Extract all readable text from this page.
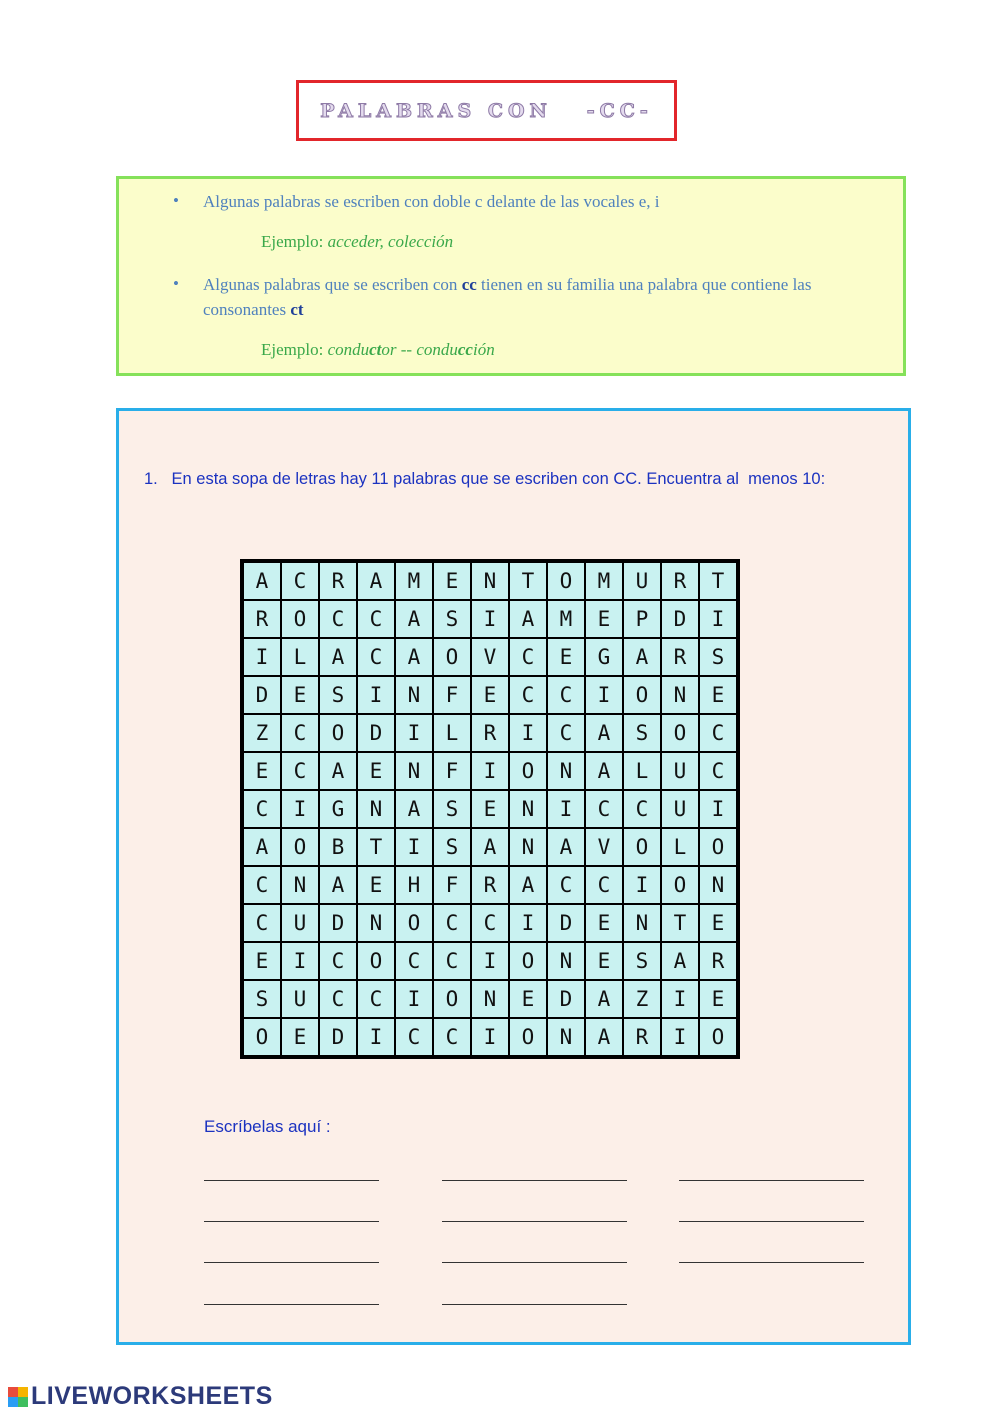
PALABRAS CON   -CC-
• Algunas palabras se escriben con doble c delante de las vocales e, i
Ejemplo: acceder, colección
• Algunas palabras que se escriben con cc tienen en su familia una palabra que contiene las consonantes ct
Ejemplo: conductor -- conducción
1.   En esta sopa de letras hay 11 palabras que se escriben con CC. Encuentra al  menos 10:
A	C	R	A	M	E	N	T	O	M	U	R	T
R	O	C	C	A	S	I	A	M	E	P	D	I
I	L	A	C	A	O	V	C	E	G	A	R	S
D	E	S	I	N	F	E	C	C	I	O	N	E
Z	C	O	D	I	L	R	I	C	A	S	O	C
E	C	A	E	N	F	I	O	N	A	L	U	C
C	I	G	N	A	S	E	N	I	C	C	U	I
A	O	B	T	I	S	A	N	A	V	O	L	O
C	N	A	E	H	F	R	A	C	C	I	O	N
C	U	D	N	O	C	C	I	D	E	N	T	E
E	I	C	O	C	C	I	O	N	E	S	A	R
S	U	C	C	I	O	N	E	D	A	Z	I	E
O	E	D	I	C	C	I	O	N	A	R	I	O
Escríbelas aquí :
LIVEWORKSHEETS
